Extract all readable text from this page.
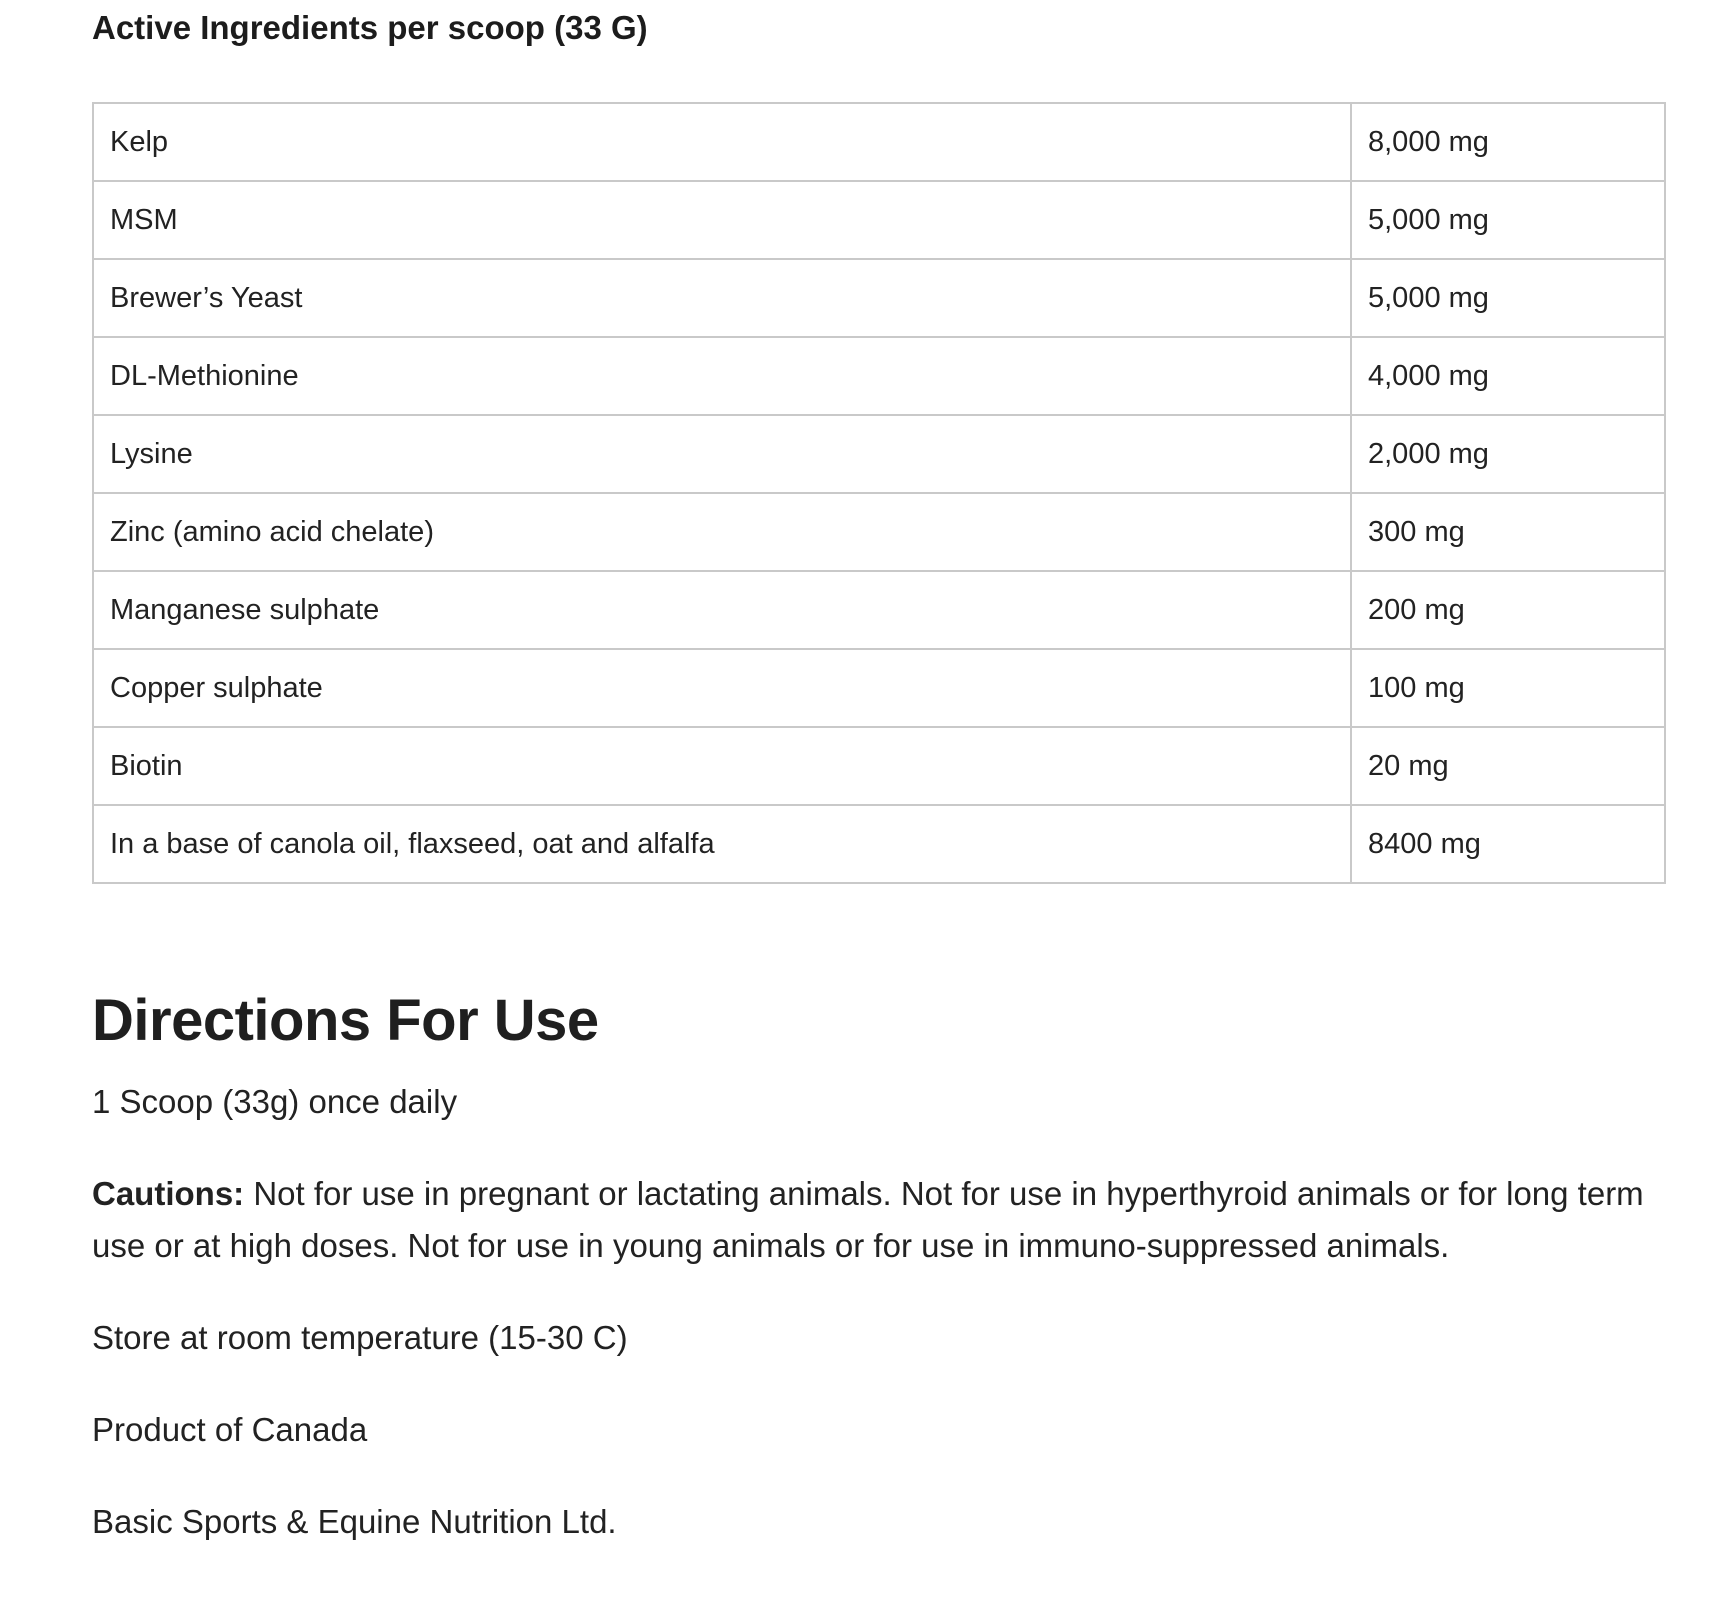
Active Ingredients per scoop (33 G)
Kelp	8,000 mg
MSM	5,000 mg
Brewer’s Yeast	5,000 mg
DL-Methionine	4,000 mg
Lysine	2,000 mg
Zinc (amino acid chelate)	300 mg
Manganese sulphate	200 mg
Copper sulphate	100 mg
Biotin	20 mg
In a base of canola oil, flaxseed, oat and alfalfa	8400 mg
Directions For Use

1 Scoop (33g) once daily

Cautions: Not for use in pregnant or lactating animals. Not for use in hyperthyroid animals or for long term use or at high doses. Not for use in young animals or for use in immuno-suppressed animals.

Store at room temperature (15-30 C)

Product of Canada

Basic Sports & Equine Nutrition Ltd.
